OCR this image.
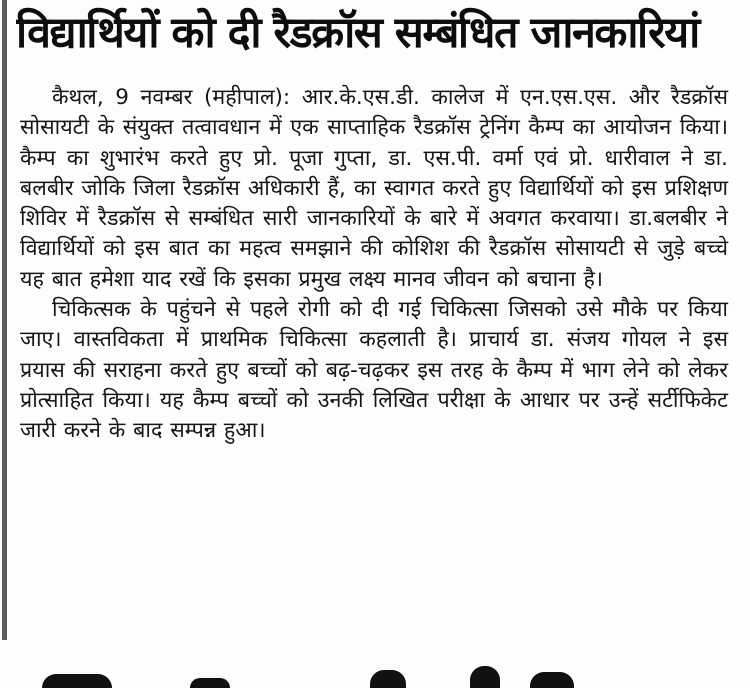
विद्यार्थियों को दी रैडक्रॉस सम्बंधित जानकारियां

कैथल, 9 नवम्बर (महीपाल): आर.के.एस.डी. कालेज में एन.एस.एस. और रैडक्रॉस सोसायटी के संयुक्त तत्वावधान में एक साप्ताहिक रैडक्रॉस ट्रेनिंग कैम्प का आयोजन किया। कैम्प का शुभारंभ करते हुए प्रो. पूजा गुप्ता, डा. एस.पी. वर्मा एवं प्रो. धारीवाल ने डा. बलबीर जोकि जिला रैडक्रॉस अधिकारी हैं, का स्वागत करते हुए विद्यार्थियों को इस प्रशिक्षण शिविर में रैडक्रॉस से सम्बंधित सारी जानकारियों के बारे में अवगत करवाया। डा.बलबीर ने विद्यार्थियों को इस बात का महत्व समझाने की कोशिश की रैडक्रॉस सोसायटी से जुड़े बच्चे यह बात हमेशा याद रखें कि इसका प्रमुख लक्ष्य मानव जीवन को बचाना है।

चिकित्सक के पहुंचने से पहले रोगी को दी गई चिकित्सा जिसको उसे मौके पर किया जाए। वास्तविकता में प्राथमिक चिकित्सा कहलाती है। प्राचार्य डा. संजय गोयल ने इस प्रयास की सराहना करते हुए बच्चों को बढ़-चढ़कर इस तरह के कैम्प में भाग लेने को लेकर प्रोत्साहित किया। यह कैम्प बच्चों को उनकी लिखित परीक्षा के आधार पर उन्हें सर्टीफिकेट जारी करने के बाद सम्पन्न हुआ।
